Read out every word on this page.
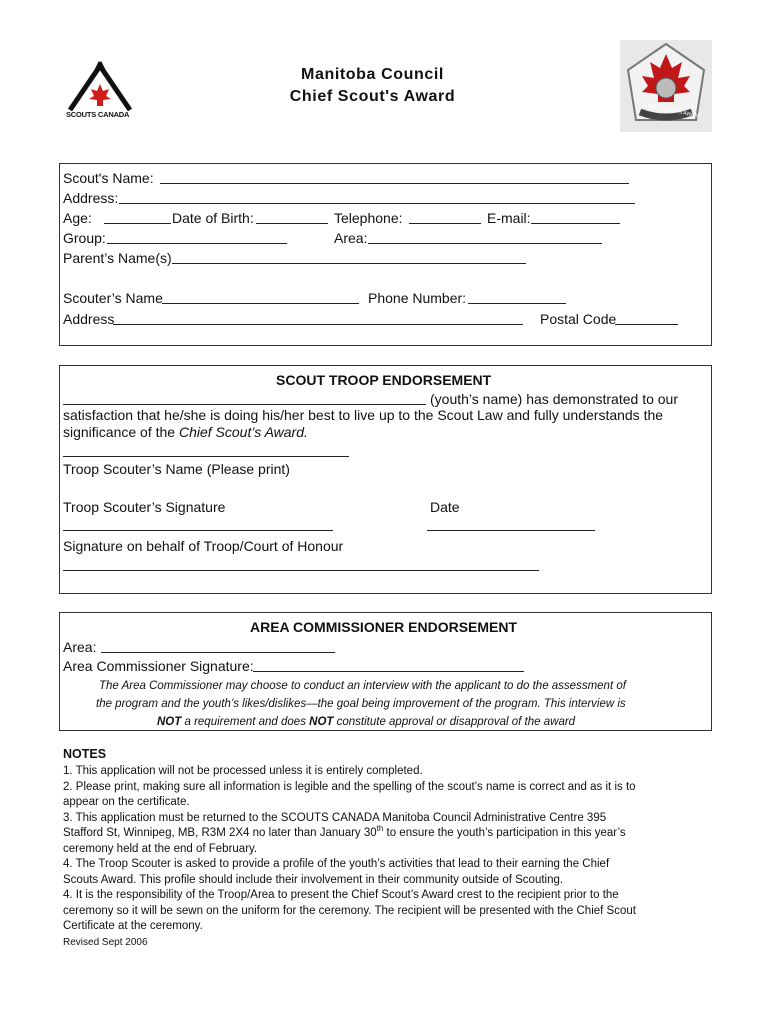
SCOUTS CANADA
Manitoba Council
Chief Scout's Award
CHIEF SCOUT'S AWARD
Scout's Name:
Address:
Age:	Date of Birth:	Telephone:	E-mail:
Group:	Area:
Parent’s Name(s)
Scouter’s Name	Phone Number:
Address	Postal Code
SCOUT TROOP ENDORSEMENT
(youth’s name) has demonstrated to our
satisfaction that he/she is doing his/her best to live up to the Scout Law and fully understands the
significance of the Chief Scout’s Award.
Troop Scouter’s Name (Please print)
Troop Scouter’s Signature	Date
Signature on behalf of Troop/Court of Honour
AREA COMMISSIONER ENDORSEMENT
Area:
Area Commissioner Signature:
The Area Commissioner may choose to conduct an interview with the applicant to do the assessment of
the program and the youth’s likes/dislikes—the goal being improvement of the program. This interview is
NOT a requirement and does NOT constitute approval or disapproval of the award
NOTES
1. This application will not be processed unless it is entirely completed.
2. Please print, making sure all information is legible and the spelling of the scout’s name is correct and as it is to
appear on the certificate.
3. This application must be returned to the SCOUTS CANADA Manitoba Council Administrative Centre 395
Stafford St, Winnipeg, MB, R3M 2X4 no later than January 30th to ensure the youth’s participation in this year’s
ceremony held at the end of February.
4. The Troop Scouter is asked to provide a profile of the youth’s activities that lead to their earning the Chief
Scouts Award. This profile should include their involvement in their community outside of Scouting.
4. It is the responsibility of the Troop/Area to present the Chief Scout’s Award crest to the recipient prior to the
ceremony so it will be sewn on the uniform for the ceremony. The recipient will be presented with the Chief Scout
Certificate at the ceremony.
Revised Sept 2006
